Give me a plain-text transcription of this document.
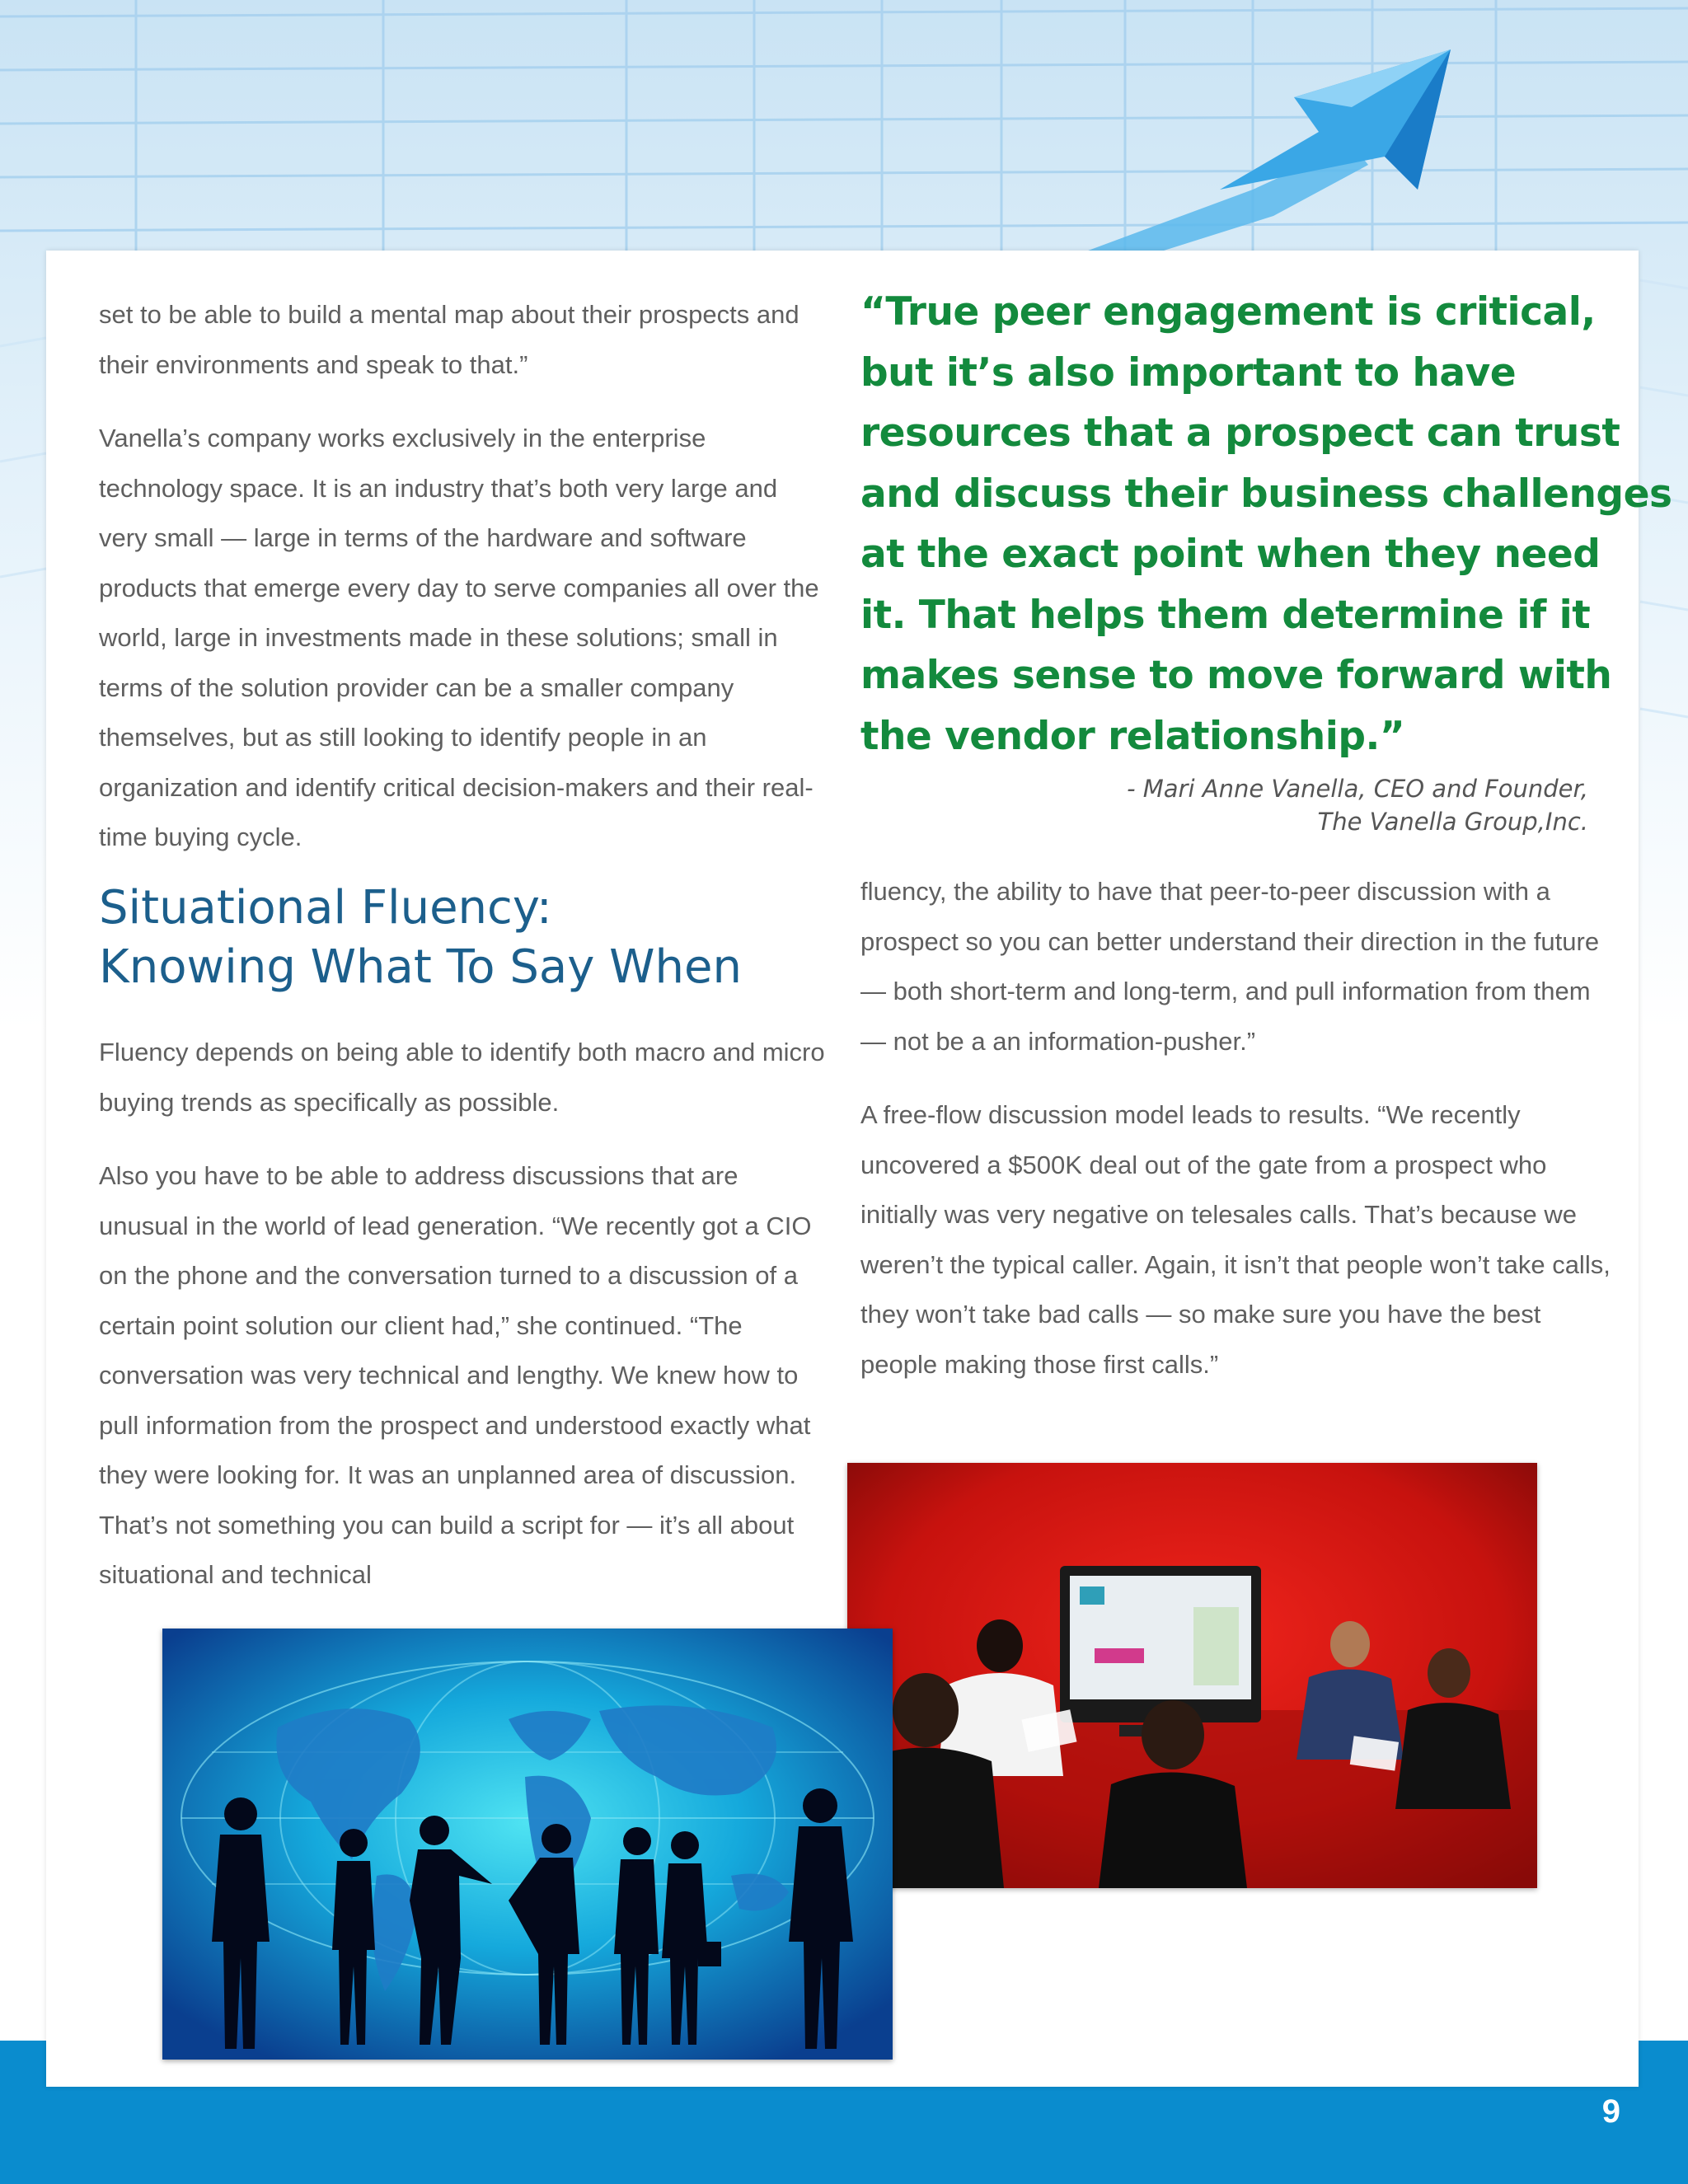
9

set to be able to build a mental map about their prospects and their environments and speak to that.”

Vanella’s company works exclusively in the enterprise technology space. It is an industry that’s both very large and very small — large in terms of the hardware and software products that emerge every day to serve companies all over the world, large in investments made in these solutions; small in terms of the solution provider can be a smaller company themselves, but as still looking to identify people in an organization and identify critical decision-makers and their real-time buying cycle.

Situational Fluency:
Knowing What To Say When

Fluency depends on being able to identify both macro and micro buying trends as specifically as possible.

Also you have to be able to address discussions that are unusual in the world of lead generation. “We recently got a CIO on the phone and the conversation turned to a discussion of a certain point solution our client had,” she continued. “The conversation was very technical and lengthy. We knew how to pull information from the prospect and understood exactly what they were looking for. It was an unplanned area of discussion. That’s not something you can build a script for — it’s all about situational and technical

“True peer engagement is critical,
but it’s also important to have
resources that a prospect can trust
and discuss their business challenges
at the exact point when they need
it. That helps them determine if it
makes sense to move forward with
the vendor relationship.”
- Mari Anne Vanella, CEO and Founder,
The Vanella Group,Inc.

fluency, the ability to have that peer-to-peer discussion with a prospect so you can better understand their direction in the future — both short-term and long-term, and pull information from them — not be a an information-pusher.”

A free-flow discussion model leads to results. “We recently uncovered a $500K deal out of the gate from a prospect who initially was very negative on telesales calls. That’s because we weren’t the typical caller. Again, it isn’t that people won’t take calls, they won’t take bad calls — so make sure you have the best people making those first calls.”
